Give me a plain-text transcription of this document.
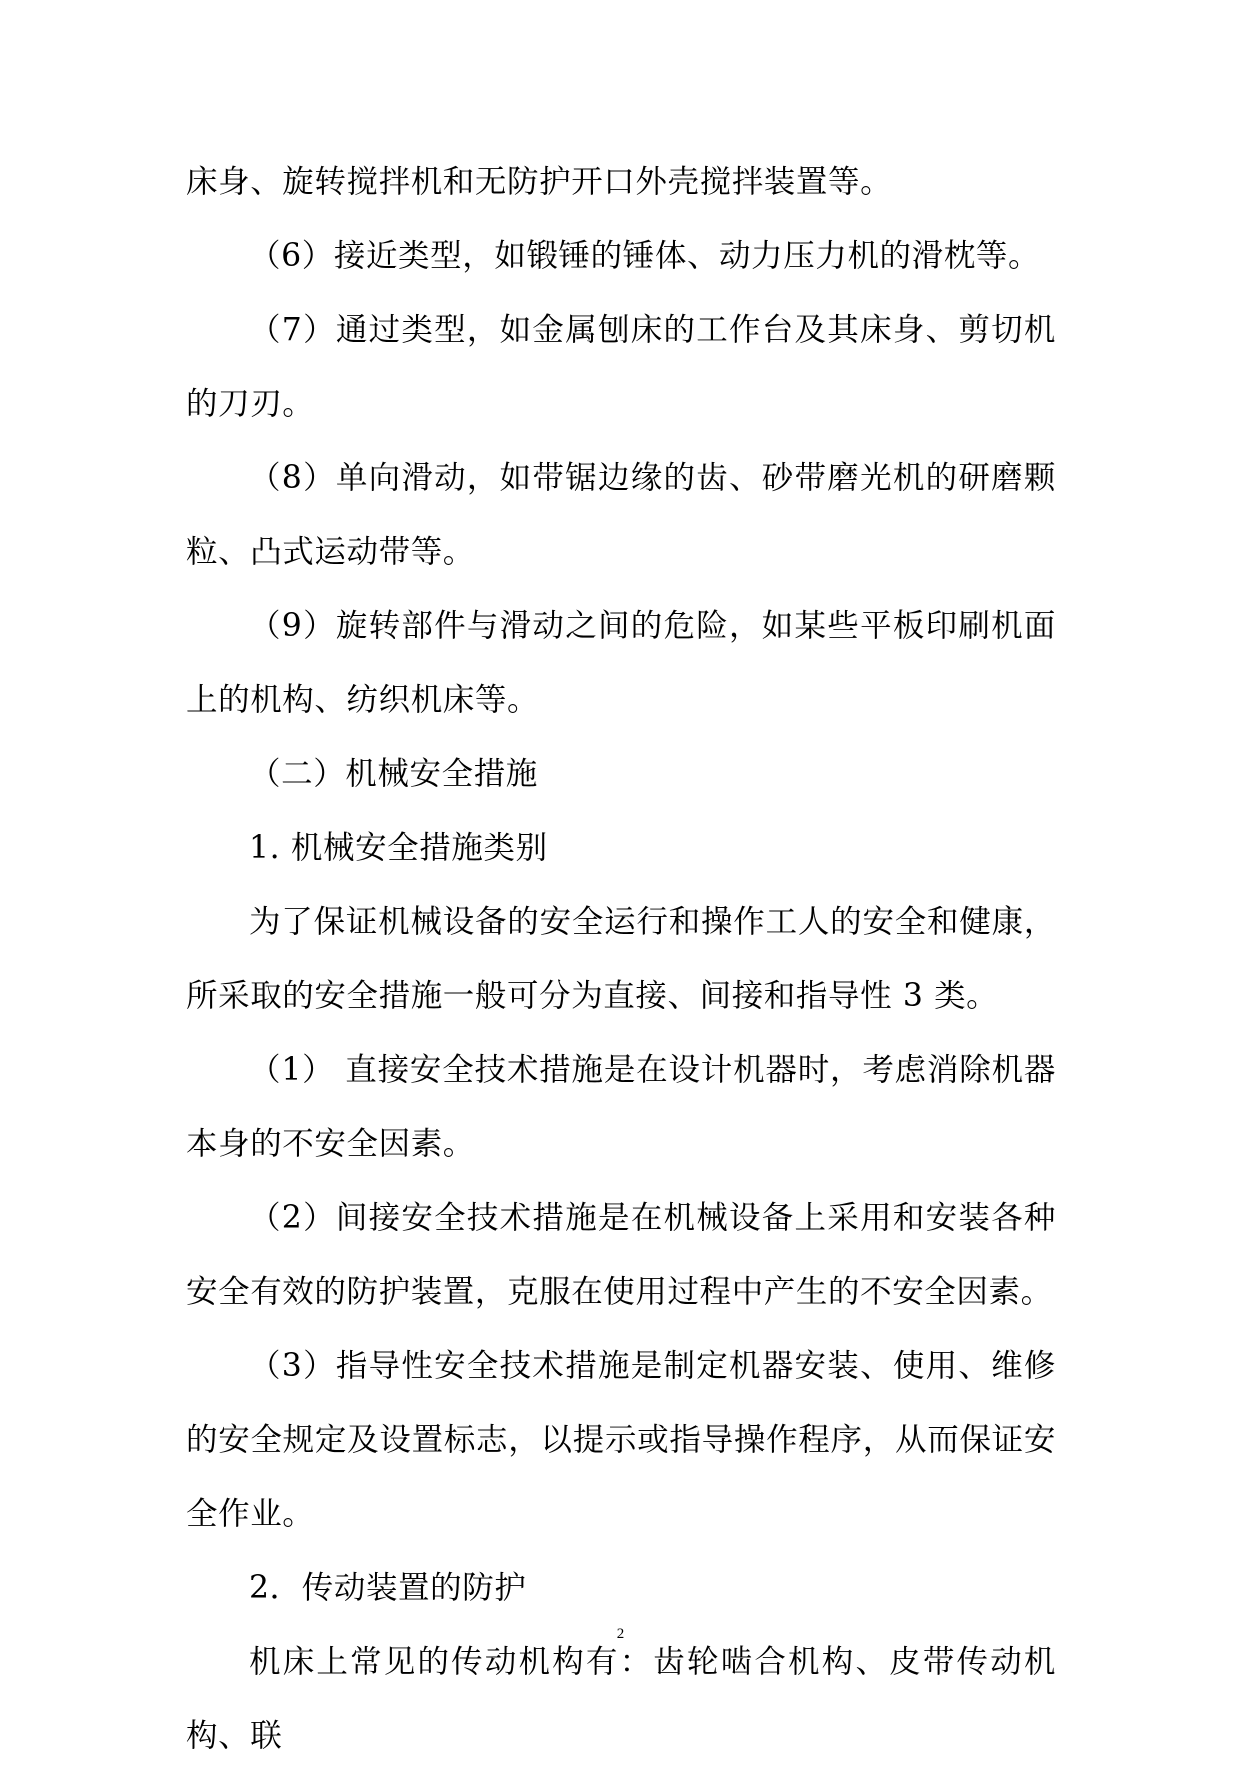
床身、旋转搅拌机和无防护开口外壳搅拌装置等。

（6）接近类型，如锻锤的锤体、动力压力机的滑枕等。

（7）通过类型，如金属刨床的工作台及其床身、剪切机的刀刃。

（8）单向滑动，如带锯边缘的齿、砂带磨光机的研磨颗粒、凸式运动带等。

（9）旋转部件与滑动之间的危险，如某些平板印刷机面上的机构、纺织机床等。

（二）机械安全措施

1. 机械安全措施类别

为了保证机械设备的安全运行和操作工人的安全和健康，所采取的安全措施一般可分为直接、间接和指导性 3 类。

（1） 直接安全技术措施是在设计机器时，考虑消除机器本身的不安全因素。

（2）间接安全技术措施是在机械设备上采用和安装各种安全有效的防护装置，克服在使用过程中产生的不安全因素。

（3）指导性安全技术措施是制定机器安装、使用、维修的安全规定及设置标志，以提示或指导操作程序，从而保证安全作业。

2．传动装置的防护

机床上常见的传动机构有：齿轮啮合机构、皮带传动机构、联

2
